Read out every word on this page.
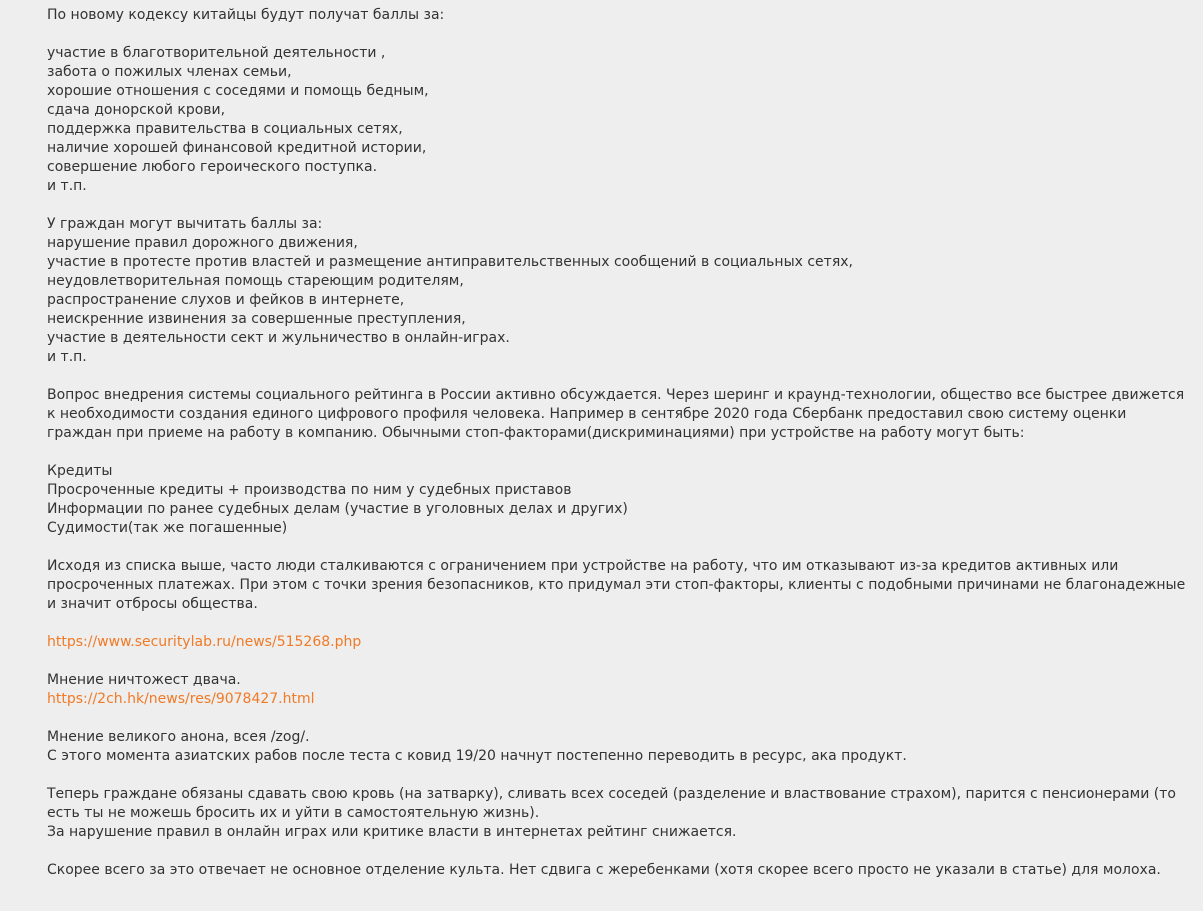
По новому кодексу китайцы будут получат баллы за:
участие в благотворительной деятельности ,
забота о пожилых членах семьи,
хорошие отношения с соседями и помощь бедным,
сдача донорской крови,
поддержка правительства в социальных сетях,
наличие хорошей финансовой кредитной истории,
совершение любого героического поступка.
и т.п.
У граждан могут вычитать баллы за:
нарушение правил дорожного движения,
участие в протесте против властей и размещение антиправительственных сообщений в социальных сетях,
неудовлетворительная помощь стареющим родителям,
распространение слухов и фейков в интернете,
неискренние извинения за совершенные преступления,
участие в деятельности сект и жульничество в онлайн-играх.
и т.п.
Вопрос внедрения системы социального рейтинга в России активно обсуждается. Через шеринг и краунд-технологии, общество все быстрее движется
к необходимости создания единого цифрового профиля человека. Например в сентябре 2020 года Сбербанк предоставил свою систему оценки
граждан при приеме на работу в компанию. Обычными стоп-факторами(дискриминациями) при устройстве на работу могут быть:
Кредиты
Просроченные кредиты + производства по ним у судебных приставов
Информации по ранее судебных делам (участие в уголовных делах и других)
Судимости(так же погашенные)
Исходя из списка выше, часто люди сталкиваются с ограничением при устройстве на работу, что им отказывают из-за кредитов активных или
просроченных платежах. При этом с точки зрения безопасников, кто придумал эти стоп-факторы, клиенты с подобными причинами не благонадежные
и значит отбросы общества.
https://www.securitylab.ru/news/515268.php
Мнение ничтожест двача.
https://2ch.hk/news/res/9078427.html
Мнение великого анона, всея /zog/.
С этого момента азиатских рабов после теста с ковид 19/20 начнут постепенно переводить в ресурс, ака продукт.
Теперь граждане обязаны сдавать свою кровь (на затварку), сливать всех соседей (разделение и властвование страхом), парится с пенсионерами (то
есть ты не можешь бросить их и уйти в самостоятельную жизнь).
За нарушение правил в онлайн играх или критике власти в интернетах рейтинг снижается.
Скорее всего за это отвечает не основное отделение культа. Нет сдвига с жеребенками (хотя скорее всего просто не указали в статье) для молоха.
